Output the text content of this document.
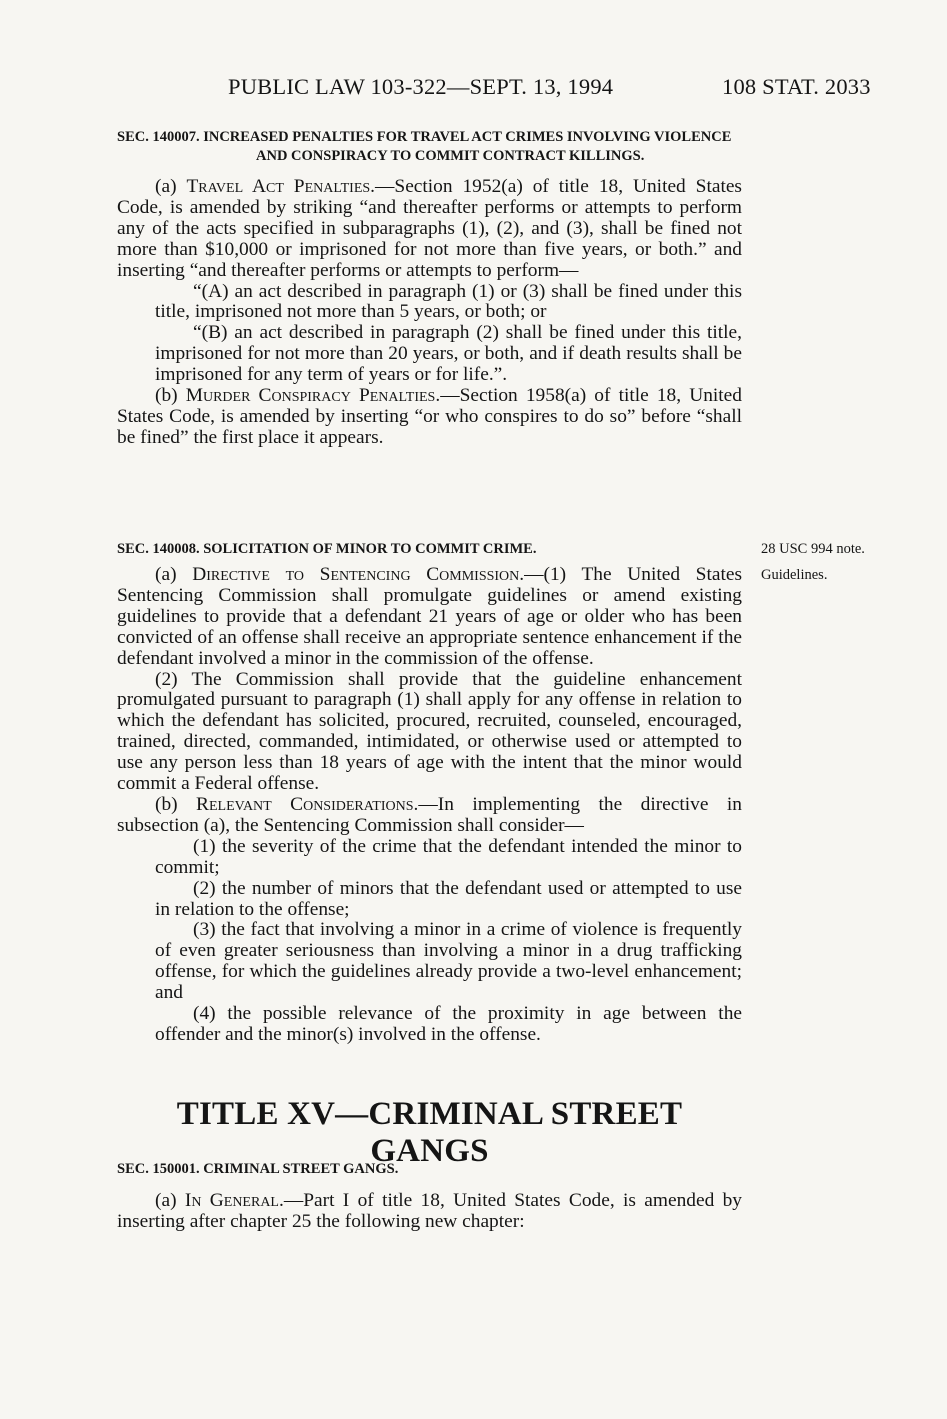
PUBLIC LAW 103-322—SEPT. 13, 1994	108 STAT. 2033
SEC. 140007. INCREASED PENALTIES FOR TRAVEL ACT CRIMES INVOLVING VIOLENCE AND CONSPIRACY TO COMMIT CONTRACT KILLINGS.

(a) Travel Act Penalties.—Section 1952(a) of title 18, United States Code, is amended by striking “and thereafter performs or attempts to perform any of the acts specified in subparagraphs (1), (2), and (3), shall be fined not more than $10,000 or imprisoned for not more than five years, or both.” and inserting “and thereafter performs or attempts to perform—

“(A) an act described in paragraph (1) or (3) shall be fined under this title, imprisoned not more than 5 years, or both; or

“(B) an act described in paragraph (2) shall be fined under this title, imprisoned for not more than 20 years, or both, and if death results shall be imprisoned for any term of years or for life.”.

(b) Murder Conspiracy Penalties.—Section 1958(a) of title 18, United States Code, is amended by inserting “or who conspires to do so” before “shall be fined” the first place it appears.

28 USC 994 note.
Guidelines.
SEC. 140008. SOLICITATION OF MINOR TO COMMIT CRIME.

(a) Directive to Sentencing Commission.—(1) The United States Sentencing Commission shall promulgate guidelines or amend existing guidelines to provide that a defendant 21 years of age or older who has been convicted of an offense shall receive an appropriate sentence enhancement if the defendant involved a minor in the commission of the offense.

(2) The Commission shall provide that the guideline enhancement promulgated pursuant to paragraph (1) shall apply for any offense in relation to which the defendant has solicited, procured, recruited, counseled, encouraged, trained, directed, commanded, intimidated, or otherwise used or attempted to use any person less than 18 years of age with the intent that the minor would commit a Federal offense.

(b) Relevant Considerations.—In implementing the directive in subsection (a), the Sentencing Commission shall consider—

(1) the severity of the crime that the defendant intended the minor to commit;

(2) the number of minors that the defendant used or attempted to use in relation to the offense;

(3) the fact that involving a minor in a crime of violence is frequently of even greater seriousness than involving a minor in a drug trafficking offense, for which the guidelines already provide a two-level enhancement; and

(4) the possible relevance of the proximity in age between the offender and the minor(s) involved in the offense.

TITLE XV—CRIMINAL STREET GANGS
SEC. 150001. CRIMINAL STREET GANGS.

(a) In General.—Part I of title 18, United States Code, is amended by inserting after chapter 25 the following new chapter:
